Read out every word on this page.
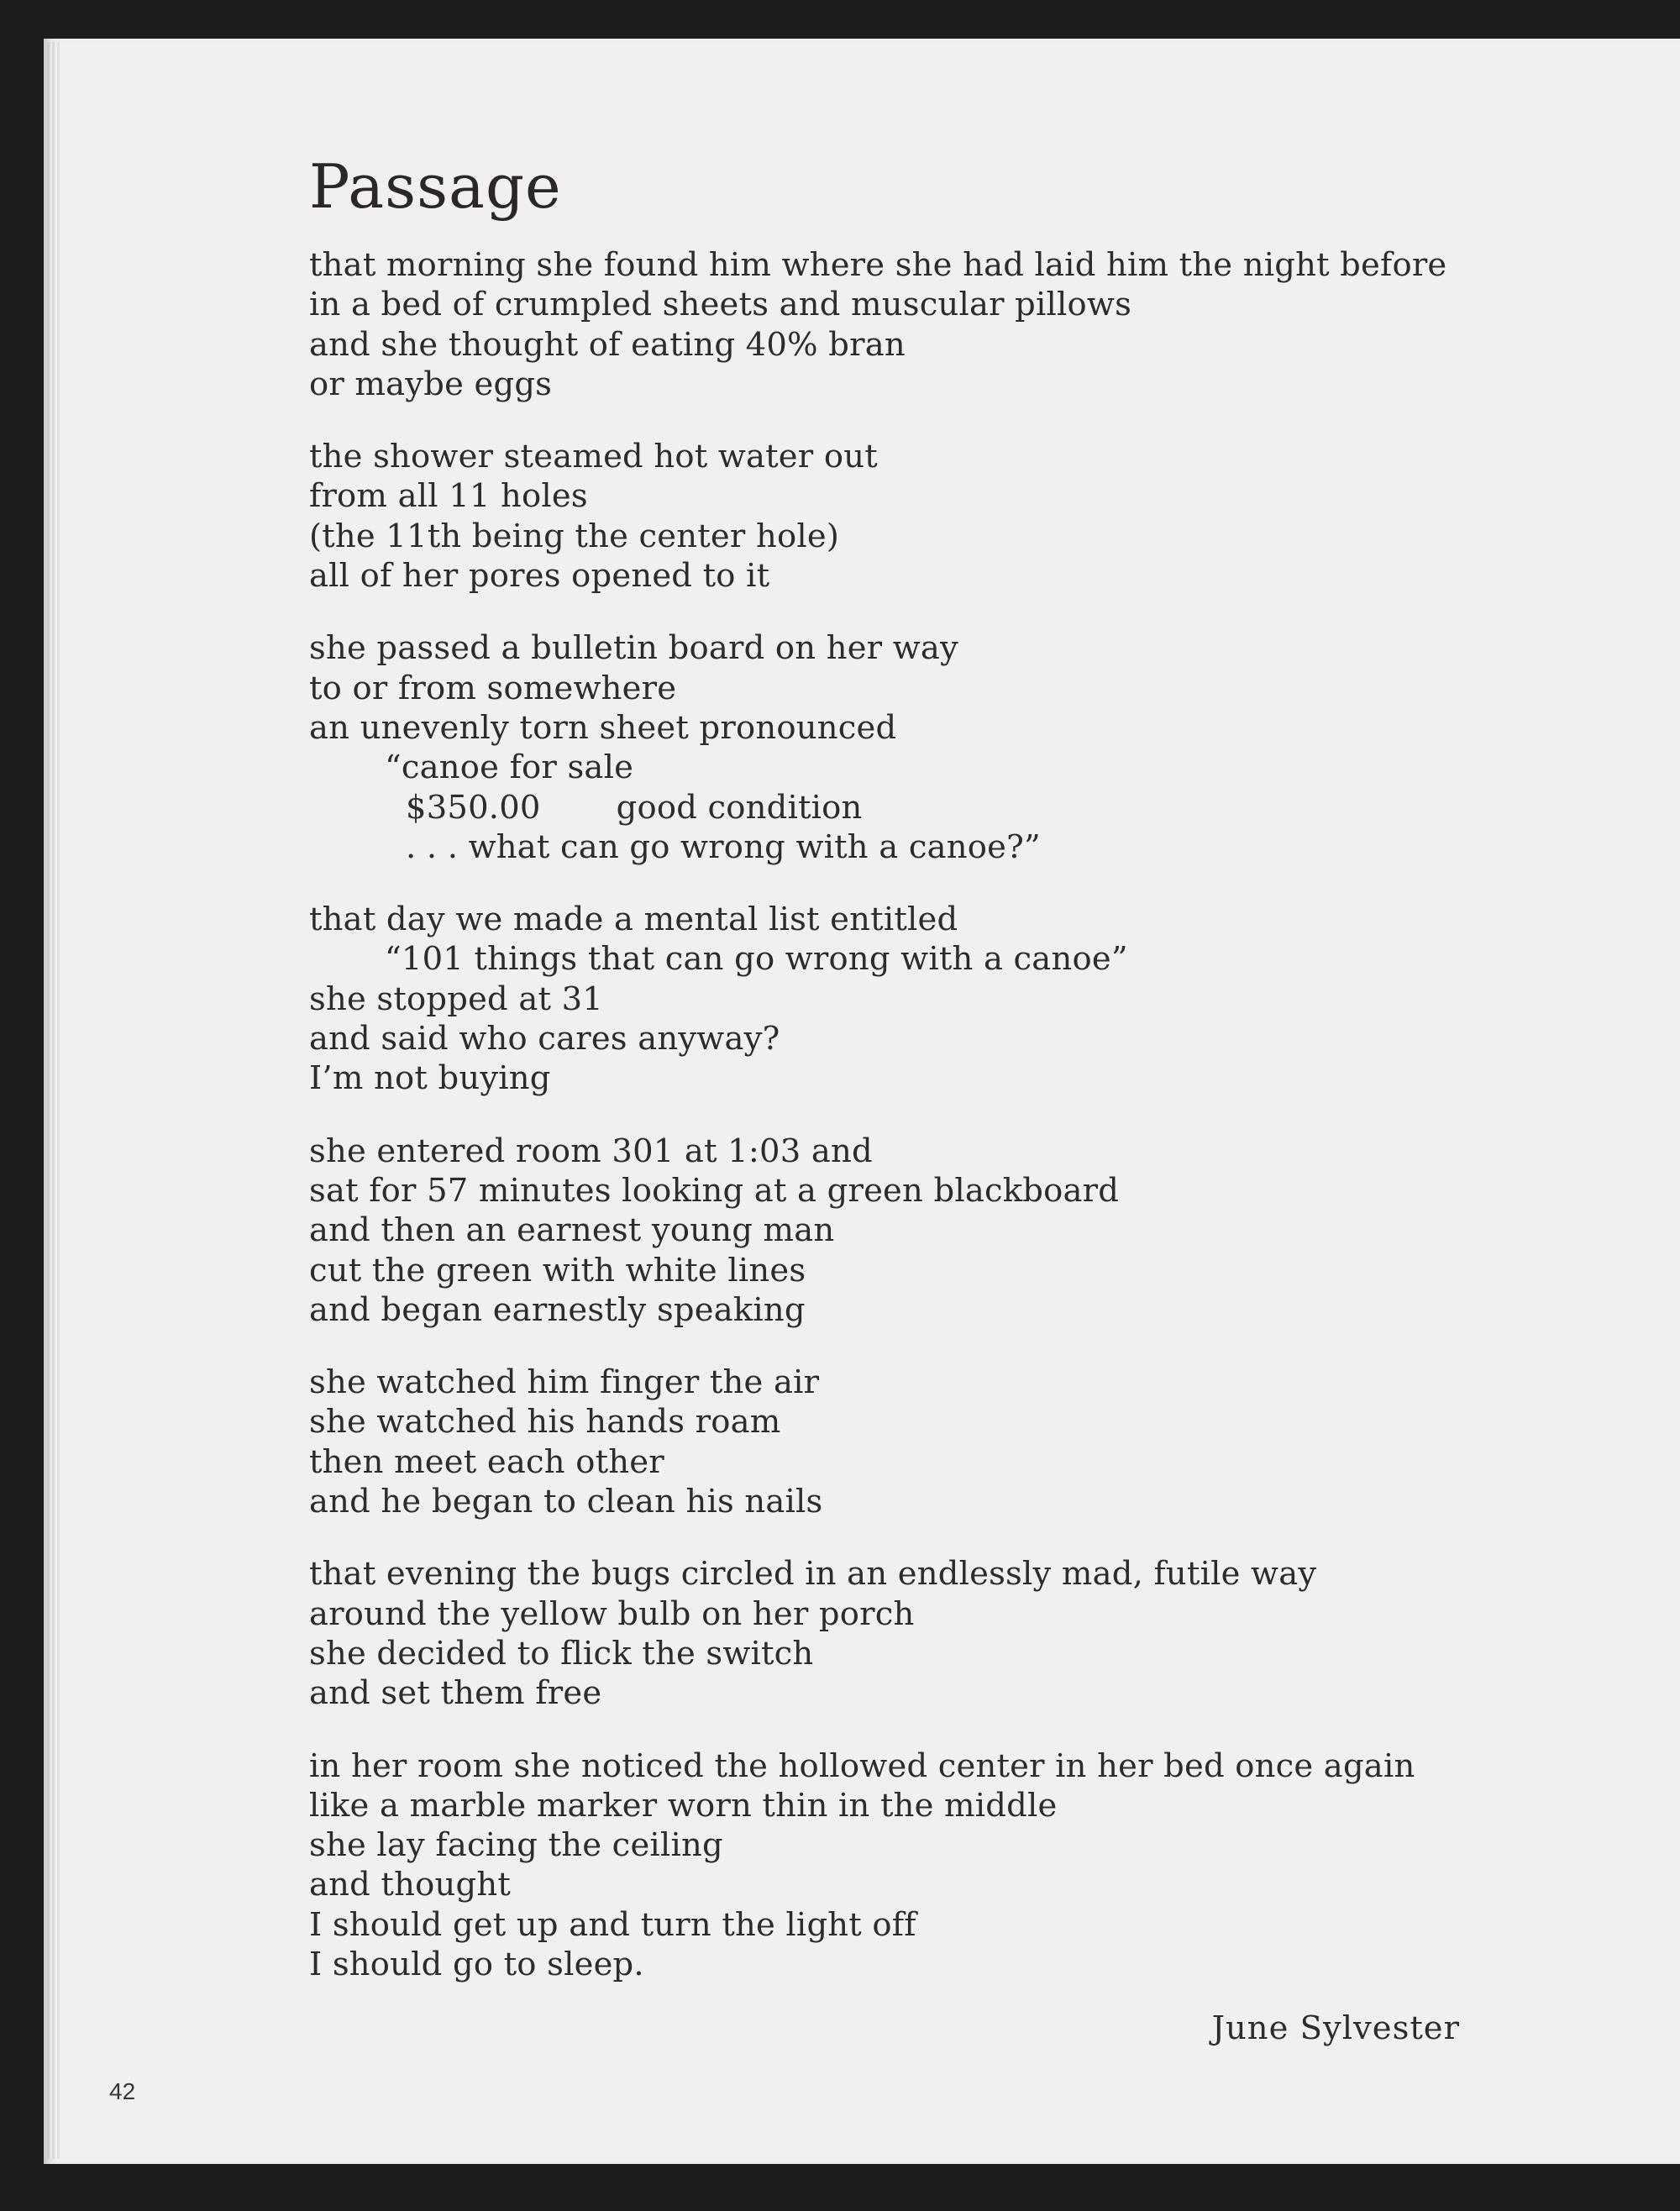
Passage
that morning she found him where she had laid him the night before
in a bed of crumpled sheets and muscular pillows
and she thought of eating 40% bran
or maybe eggs
the shower steamed hot water out
from all 11 holes
(the 11th being the center hole)
all of her pores opened to it
she passed a bulletin board on her way
to or from somewhere
an unevenly torn sheet pronounced
“canoe for sale
$350.00 good condition
. . . what can go wrong with a canoe?”
that day we made a mental list entitled
“101 things that can go wrong with a canoe”
she stopped at 31
and said who cares anyway?
I’m not buying
she entered room 301 at 1:03 and
sat for 57 minutes looking at a green blackboard
and then an earnest young man
cut the green with white lines
and began earnestly speaking
she watched him finger the air
she watched his hands roam
then meet each other
and he began to clean his nails
that evening the bugs circled in an endlessly mad, futile way
around the yellow bulb on her porch
she decided to flick the switch
and set them free
in her room she noticed the hollowed center in her bed once again
like a marble marker worn thin in the middle
she lay facing the ceiling
and thought
I should get up and turn the light off
I should go to sleep.
June Sylvester
42
